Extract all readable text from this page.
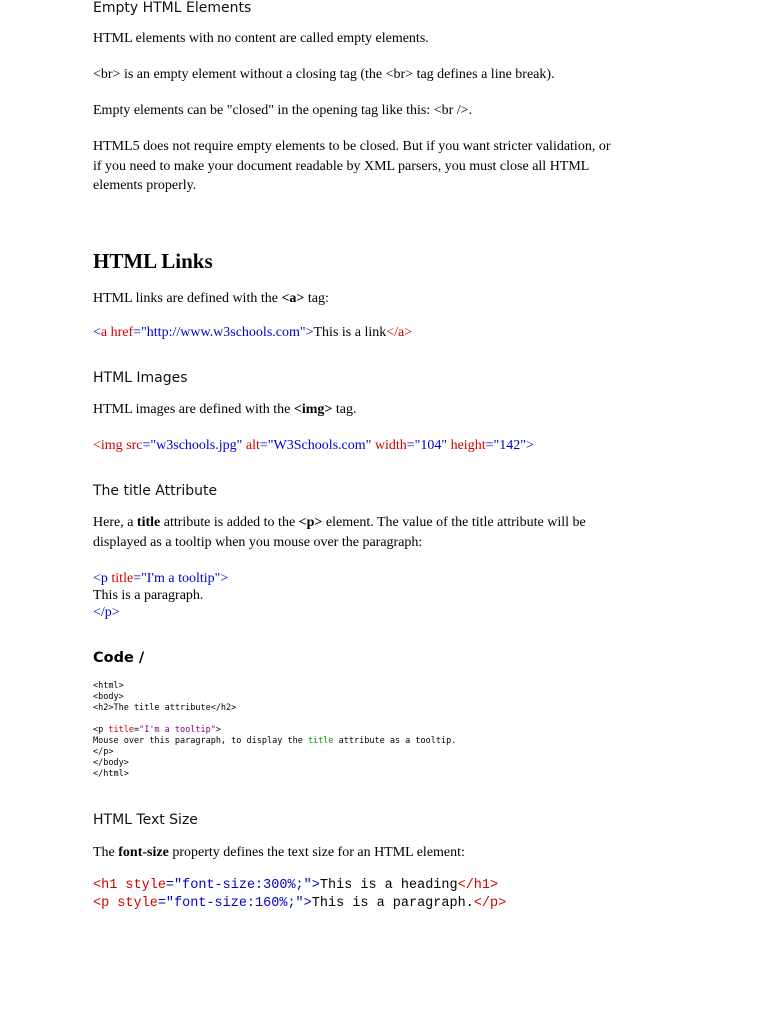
Empty HTML Elements
HTML elements with no content are called empty elements.
<br> is an empty element without a closing tag (the <br> tag defines a line break).
Empty elements can be "closed" in the opening tag like this: <br />.
HTML5 does not require empty elements to be closed. But if you want stricter validation, or
if you need to make your document readable by XML parsers, you must close all HTML
elements properly.
HTML Links
HTML links are defined with the <a> tag:
<a href="http://www.w3schools.com">This is a link</a>
HTML Images
HTML images are defined with the <img> tag.
<img src="w3schools.jpg" alt="W3Schools.com" width="104" height="142">
The title Attribute
Here, a title attribute is added to the <p> element. The value of the title attribute will be
displayed as a tooltip when you mouse over the paragraph:
<p title="I'm a tooltip">
This is a paragraph.
</p>
Code /
<html>
<body>
<h2>The title attribute</h2>
<p title="I'm a tooltip">
Mouse over this paragraph, to display the title attribute as a tooltip.
</p>
</body>
</html>
HTML Text Size
The font-size property defines the text size for an HTML element:
<h1 style="font-size:300%;">This is a heading</h1>
<p style="font-size:160%;">This is a paragraph.</p>
